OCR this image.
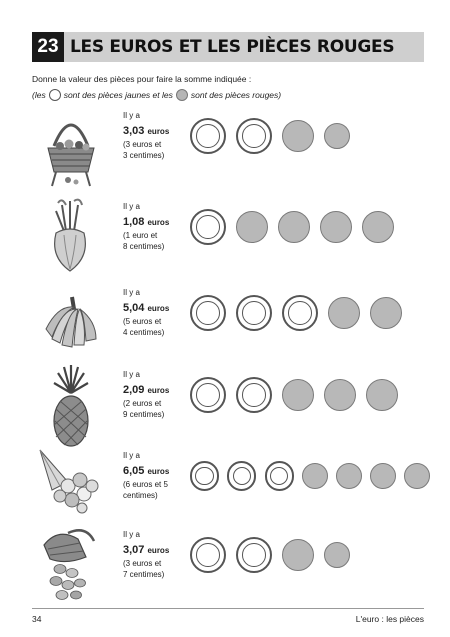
23 LES EUROS ET LES PIÈCES ROUGES
Donne la valeur des pièces pour faire la somme indiquée :
(les sont des pièces jaunes et les sont des pièces rouges)
Il y a
3,03 euros
(3 euros et
3 centimes)
Il y a
1,08 euros
(1 euro et
8 centimes)
Il y a
5,04 euros
(5 euros et
4 centimes)
Il y a
2,09 euros
(2 euros et
9 centimes)
Il y a
6,05 euros
(6 euros et 5
centimes)
Il y a
3,07 euros
(3 euros et
7 centimes)
34	L'euro : les pièces
